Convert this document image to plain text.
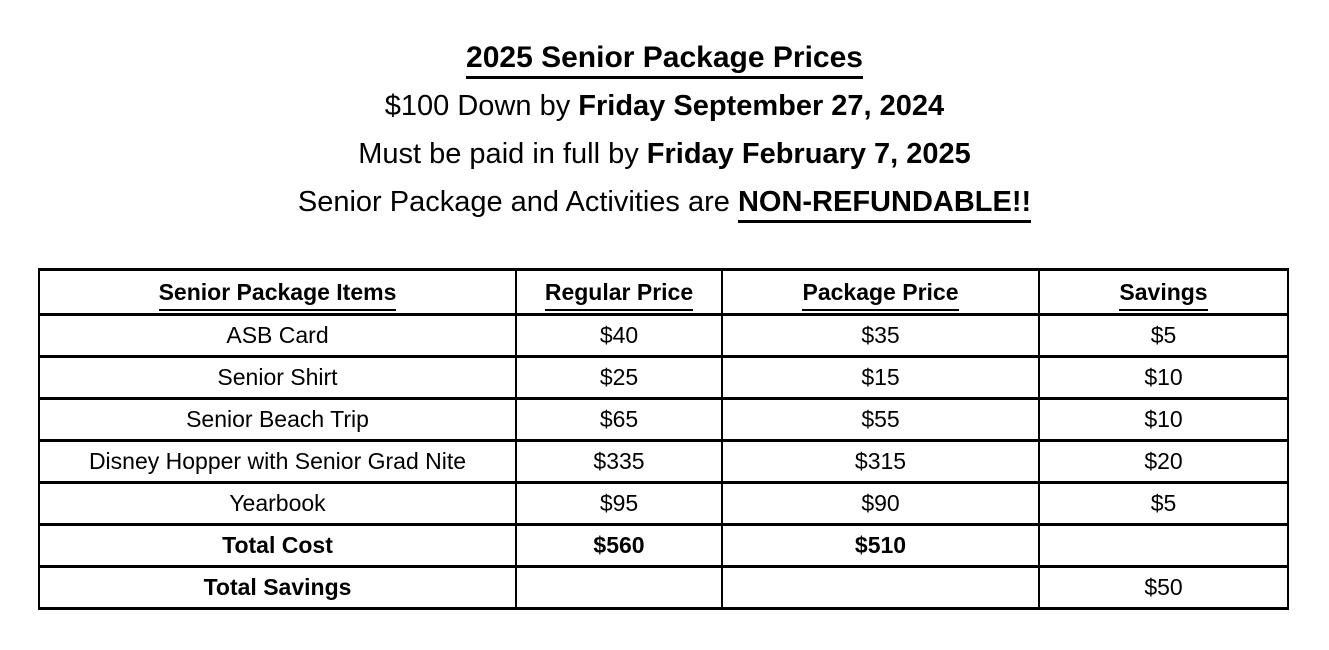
2025 Senior Package Prices
$100 Down by Friday September 27, 2024
Must be paid in full by Friday February 7, 2025
Senior Package and Activities are NON-REFUNDABLE!!
Senior Package Items	Regular Price	Package Price	Savings
ASB Card	$40	$35	$5
Senior Shirt	$25	$15	$10
Senior Beach Trip	$65	$55	$10
Disney Hopper with Senior Grad Nite	$335	$315	$20
Yearbook	$95	$90	$5
Total Cost	$560	$510	
Total Savings			$50
